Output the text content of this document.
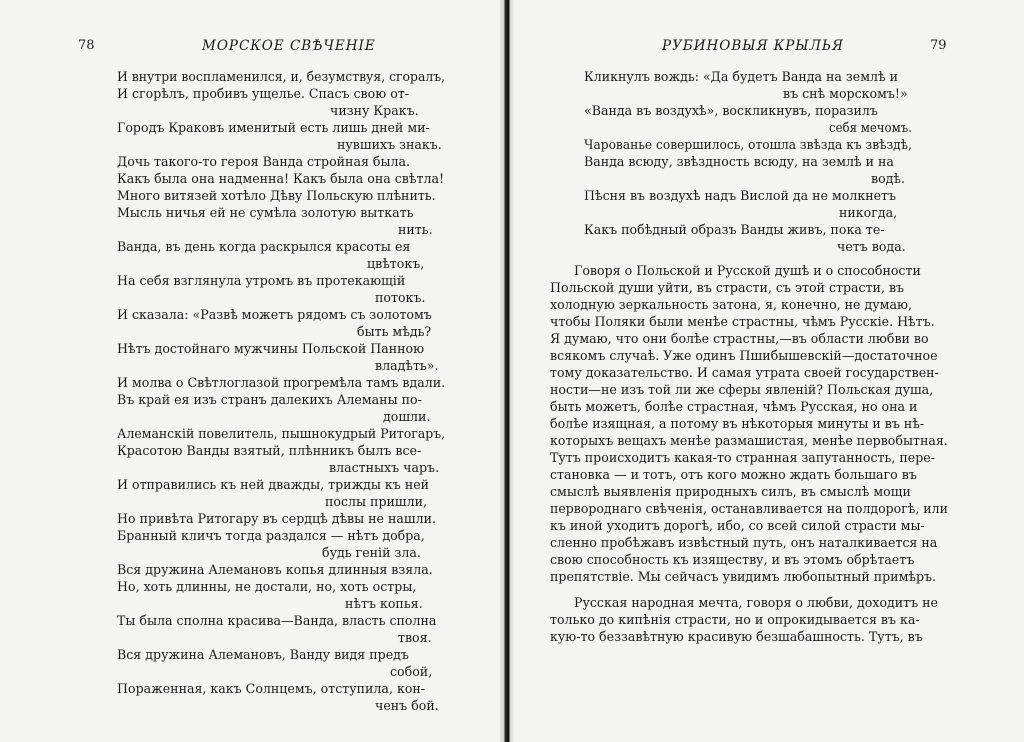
78	МОРСКОЕ СВѢЧЕНІЕ
И внутри воспламенился, и, безумствуя, сгоралъ,
И сгорѣлъ, пробивъ ущелье. Спасъ свою от-
чизну Кракъ.
Городъ Краковъ именитый есть лишь дней ми-
нувшихъ знакъ.
Дочь такого-то героя Ванда стройная была.
Какъ была она надменна! Какъ была она свѣтла!
Много витязей хотѣло Дѣву Польскую плѣнить.
Мысль ничья ей не сумѣла золотую выткать
нить.
Ванда, въ день когда раскрылся красоты ея
цвѣтокъ,
На себя взглянула утромъ въ протекающій
потокъ.
И сказала: «Развѣ можетъ рядомъ съ золотомъ
быть мѣдь?
Нѣтъ достойнаго мужчины Польской Панною
владѣть».
И молва о Свѣтлоглазой прогремѣла тамъ вдали.
Въ край ея изъ странъ далекихъ Алеманы по-
дошли.
Алеманскій повелитель, пышнокудрый Ритогаръ,
Красотою Ванды взятый, плѣнникъ былъ все-
властныхъ чаръ.
И отправились къ ней дважды, трижды къ ней
послы пришли,
Но привѣта Ритогару въ сердцѣ дѣвы не нашли.
Бранный кличъ тогда раздался — нѣтъ добра,
будь геній зла.
Вся дружина Алемановъ копья длинныя взяла.
Но, хоть длинны, не достали, но, хоть остры,
нѣтъ копья.
Ты была сполна красива—Ванда, власть сполна
твоя.
Вся дружина Алемановъ, Ванду видя предъ
собой,
Пораженная, какъ Солнцемъ, отступила, кон-
ченъ бой.
РУБИНОВЫЯ КРЫЛЬЯ	79
Кликнулъ вождь: «Да будетъ Ванда на землѣ и
въ снѣ морскомъ!»
«Ванда въ воздухѣ», воскликнувъ, поразилъ
себя мечомъ.
Чарованье совершилось, отошла звѣзда къ звѣздѣ,
Ванда всюду, звѣздность всюду, на землѣ и на
водѣ.
Пѣсня въ воздухѣ надъ Вислой да не молкнетъ
никогда,
Какъ побѣдный образъ Ванды живъ, пока те-
четъ вода.
Говоря о Польской и Русской душѣ и о способности
Польской души уйти, въ страсти, съ этой страсти, въ
холодную зеркальность затона, я, конечно, не думаю,
чтобы Поляки были менѣе страстны, чѣмъ Русскіе. Нѣтъ.
Я думаю, что они болѣе страстны,—въ области любви во
всякомъ случаѣ. Уже одинъ Пшибышевскій—достаточное
тому доказательство. И самая утрата своей государствен-
ности—не изъ той ли же сферы явленій? Польская душа,
быть можетъ, болѣе страстная, чѣмъ Русская, но она и
болѣе изящная, а потому въ нѣкоторыя минуты и въ нѣ-
которыхъ вещахъ менѣе размашистая, менѣе первобытная.
Тутъ происходитъ какая-то странная запутанность, пере-
становка — и тотъ, отъ кого можно ждать большаго въ
смыслѣ выявленія природныхъ силъ, въ смыслѣ мощи
первороднаго свѣченія, останавливается на полдорогѣ, или
къ иной уходитъ дорогѣ, ибо, со всей силой страсти мы-
сленно пробѣжавъ извѣстный путь, онъ наталкивается на
свою способность къ изяществу, и въ этомъ обрѣтаетъ
препятствіе. Мы сейчасъ увидимъ любопытный примѣръ.
Русская народная мечта, говоря о любви, доходитъ не
только до кипѣнія страсти, но и опрокидывается въ ка-
кую-то беззавѣтную красивую безшабашность. Тутъ, въ
